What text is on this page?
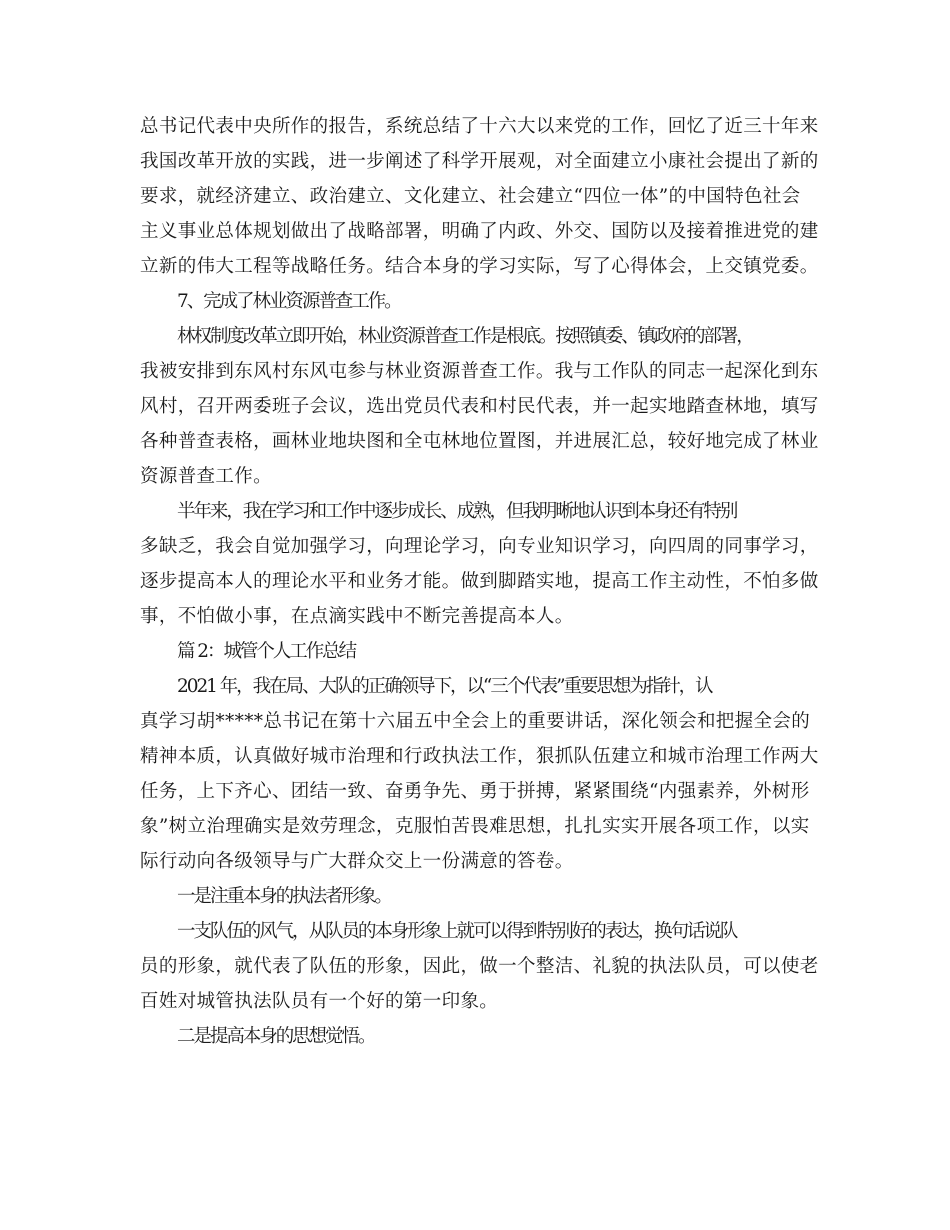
总书记代表中央所作的报告，系统总结了十六大以来党的工作，回忆了近三十年来
我国改革开放的实践，进一步阐述了科学开展观，对全面建立小康社会提出了新的
要求，就经济建立、政治建立、文化建立、社会建立“四位一体”的中国特色社会
主义事业总体规划做出了战略部署，明确了内政、外交、国防以及接着推进党的建
立新的伟大工程等战略任务。结合本身的学习实际，写了心得体会，上交镇党委。
7、完成了林业资源普查工作。
林权制度改革立即开始，林业资源普查工作是根底。按照镇委、镇政府的部署，
我被安排到东风村东风屯参与林业资源普查工作。我与工作队的同志一起深化到东
风村，召开两委班子会议，选出党员代表和村民代表，并一起实地踏查林地，填写
各种普查表格，画林业地块图和全屯林地位置图，并进展汇总，较好地完成了林业
资源普查工作。
半年来，我在学习和工作中逐步成长、成熟，但我明晰地认识到本身还有特别
多缺乏，我会自觉加强学习，向理论学习，向专业知识学习，向四周的同事学习，
逐步提高本人的理论水平和业务才能。做到脚踏实地，提高工作主动性，不怕多做
事，不怕做小事，在点滴实践中不断完善提高本人。
篇 2：城管个人工作总结
2021 年，我在局、大队的正确领导下，以“三个代表”重要思想为指针，认
真学习胡*****总书记在第十六届五中全会上的重要讲话，深化领会和把握全会的
精神本质，认真做好城市治理和行政执法工作，狠抓队伍建立和城市治理工作两大
任务，上下齐心、团结一致、奋勇争先、勇于拼搏，紧紧围绕“内强素养，外树形
象”树立治理确实是效劳理念，克服怕苦畏难思想，扎扎实实开展各项工作，以实
际行动向各级领导与广大群众交上一份满意的答卷。
一是注重本身的执法者形象。
一支队伍的风气，从队员的本身形象上就可以得到特别好的表达，换句话说队
员的形象，就代表了队伍的形象，因此，做一个整洁、礼貌的执法队员，可以使老
百姓对城管执法队员有一个好的第一印象。
二是提高本身的思想觉悟。
